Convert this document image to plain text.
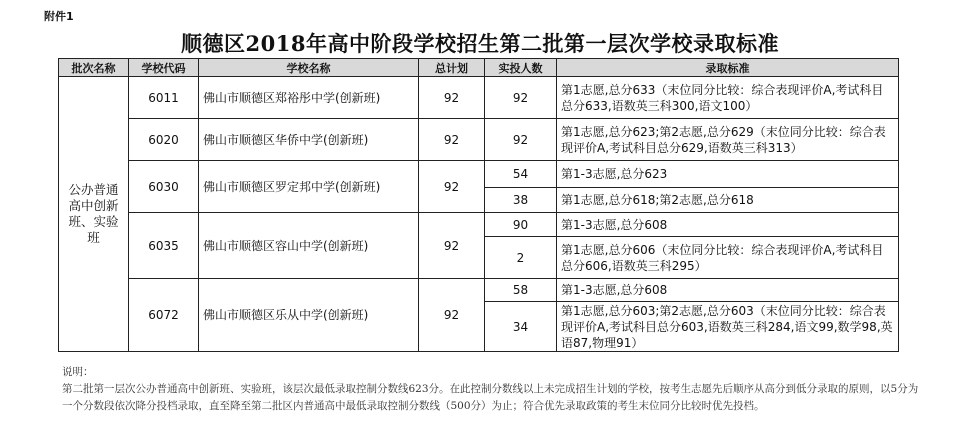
附件1
顺德区2018年高中阶段学校招生第二批第一层次学校录取标准
批次名称	学校代码	学校名称	总计划	实投人数	录取标准
公办普通高中创新班、实验班	6011	佛山市顺德区郑裕彤中学(创新班)	92	92	第1志愿,总分633（末位同分比较：综合表现评价A,考试科目总分633,语数英三科300,语文100）
	6020	佛山市顺德区华侨中学(创新班)	92	92	第1志愿,总分623;第2志愿,总分629（末位同分比较：综合表现评价A,考试科目总分629,语数英三科313）
	6030	佛山市顺德区罗定邦中学(创新班)	92	54	第1-3志愿,总分623
				38	第1志愿,总分618;第2志愿,总分618
	6035	佛山市顺德区容山中学(创新班)	92	90	第1-3志愿,总分608
				2	第1志愿,总分606（末位同分比较：综合表现评价A,考试科目总分606,语数英三科295）
	6072	佛山市顺德区乐从中学(创新班)	92	58	第1-3志愿,总分608
				34	第1志愿,总分603;第2志愿,总分603（末位同分比较：综合表现评价A,考试科目总分603,语数英三科284,语文99,数学98,英语87,物理91）
说明：
第二批第一层次公办普通高中创新班、实验班，该层次最低录取控制分数线623分。在此控制分数线以上未完成招生计划的学校，按考生志愿先后顺序从高分到低分录取的原则，以5分为一个分数段依次降分投档录取，直至降至第二批区内普通高中最低录取控制分数线（500分）为止；符合优先录取政策的考生末位同分比较时优先投档。
